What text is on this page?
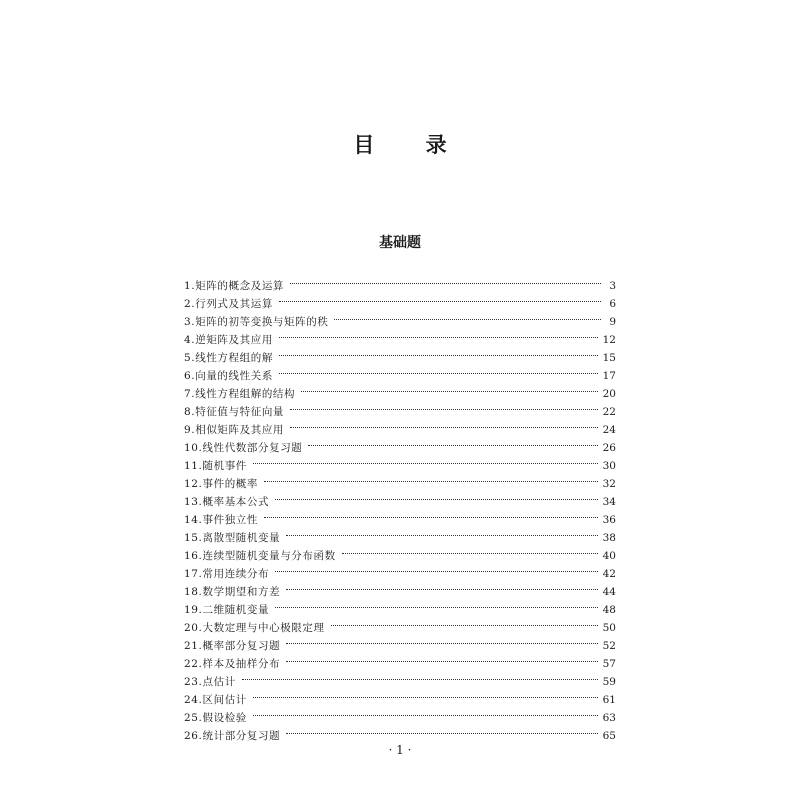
目 录
基础题
1.矩阵的概念及运算	3
2.行列式及其运算	6
3.矩阵的初等变换与矩阵的秩	9
4.逆矩阵及其应用	12
5.线性方程组的解	15
6.向量的线性关系	17
7.线性方程组解的结构	20
8.特征值与特征向量	22
9.相似矩阵及其应用	24
10.线性代数部分复习题	26
11.随机事件	30
12.事件的概率	32
13.概率基本公式	34
14.事件独立性	36
15.离散型随机变量	38
16.连续型随机变量与分布函数	40
17.常用连续分布	42
18.数学期望和方差	44
19.二维随机变量	48
20.大数定理与中心极限定理	50
21.概率部分复习题	52
22.样本及抽样分布	57
23.点估计	59
24.区间估计	61
25.假设检验	63
26.统计部分复习题	65
· 1 ·
